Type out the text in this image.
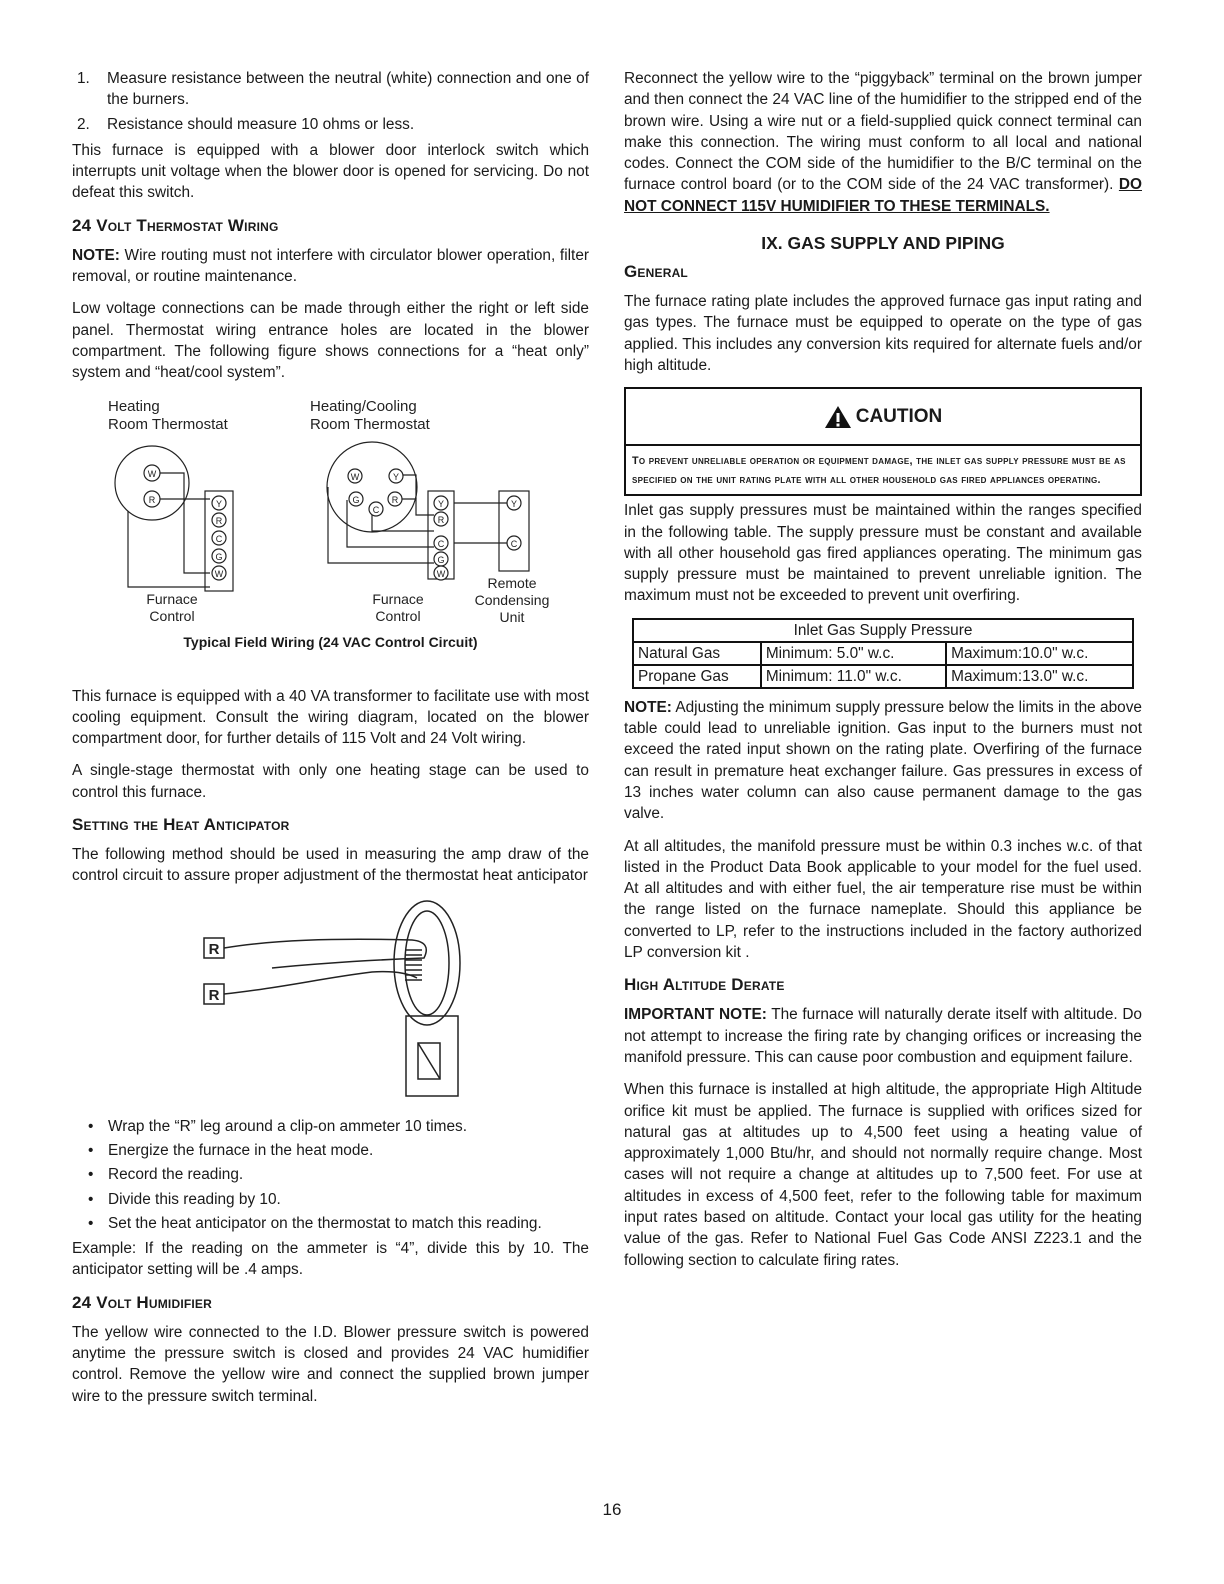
1.	Measure resistance between the neutral (white) connection and one of the burners.
2.	Resistance should measure 10 ohms or less.

This furnace is equipped with a blower door interlock switch which interrupts unit voltage when the blower door is opened for servicing. Do not defeat this switch.

24 Volt Thermostat Wiring

NOTE: Wire routing must not interfere with circulator blower operation, filter removal, or routine maintenance.

Low voltage connections can be made through either the right or left side panel. Thermostat wiring entrance holes are located in the blower compartment. The following figure shows connections for a “heat only” system and “heat/cool system”.

Heating
Room Thermostat
Heating/Cooling
Room Thermostat
W
R	Y
R
C
G
W
W	Y
G
C
R	Y
R
C
G
W
Y
C
Remote
Condensing
Unit
Furnace
Control
Furnace
Control
Typical Field Wiring (24 VAC Control Circuit)

This furnace is equipped with a 40 VA transformer to facilitate use with most cooling equipment. Consult the wiring diagram, located on the blower compartment door, for further details of 115 Volt and 24 Volt wiring.

A single-stage thermostat with only one heating stage can be used to control this furnace.

Setting the Heat Anticipator

The following method should be used in measuring the amp draw of the control circuit to assure proper adjustment of the thermostat heat anticipator

R
R
• Wrap the “R” leg around a clip-on ammeter 10 times.
• Energize the furnace in the heat mode.
• Record the reading.
• Divide this reading by 10.
• Set the heat anticipator on the thermostat to match this reading.

Example: If the reading on the ammeter is “4”, divide this by 10. The anticipator setting will be .4 amps.

24 Volt Humidifier

The yellow wire connected to the I.D. Blower pressure switch is powered anytime the pressure switch is closed and provides 24 VAC humidifier control. Remove the yellow wire and connect the supplied brown jumper wire to the pressure switch terminal.

Reconnect the yellow wire to the “piggyback” terminal on the brown jumper and then connect the 24 VAC line of the humidifier to the stripped end of the brown wire. Using a wire nut or a field-supplied quick connect terminal can make this connection. The wiring must conform to all local and national codes. Connect the COM side of the humidifier to the B/C terminal on the furnace control board (or to the COM side of the 24 VAC transformer). DO NOT CONNECT 115V HUMIDIFIER TO THESE TERMINALS.

IX. GAS SUPPLY AND PIPING
General

The furnace rating plate includes the approved furnace gas input rating and gas types. The furnace must be equipped to operate on the type of gas applied. This includes any conversion kits required for alternate fuels and/or high altitude.

CAUTION
To prevent unreliable operation or equipment damage, the inlet gas supply pressure must be as specified on the unit rating plate with all other household gas fired appliances operating.

Inlet gas supply pressures must be maintained within the ranges specified in the following table. The supply pressure must be constant and available with all other household gas fired appliances operating. The minimum gas supply pressure must be maintained to prevent unreliable ignition. The maximum must not be exceeded to prevent unit overfiring.

Inlet Gas Supply Pressure		
Natural Gas	Minimum: 5.0" w.c.	Maximum:10.0" w.c.
Propane Gas	Minimum: 11.0" w.c.	Maximum:13.0" w.c.

NOTE: Adjusting the minimum supply pressure below the limits in the above table could lead to unreliable ignition. Gas input to the burners must not exceed the rated input shown on the rating plate. Overfiring of the furnace can result in premature heat exchanger failure. Gas pressures in excess of 13 inches water column can also cause permanent damage to the gas valve.

At all altitudes, the manifold pressure must be within 0.3 inches w.c. of that listed in the Product Data Book applicable to your model for the fuel used. At all altitudes and with either fuel, the air temperature rise must be within the range listed on the furnace nameplate. Should this appliance be converted to LP, refer to the instructions included in the factory authorized LP conversion kit .

High Altitude Derate

IMPORTANT NOTE: The furnace will naturally derate itself with altitude. Do not attempt to increase the firing rate by changing orifices or increasing the manifold pressure. This can cause poor combustion and equipment failure.

When this furnace is installed at high altitude, the appropriate High Altitude orifice kit must be applied. The furnace is supplied with orifices sized for natural gas at altitudes up to 4,500 feet using a heating value of approximately 1,000 Btu/hr, and should not normally require change. Most cases will not require a change at altitudes up to 7,500 feet. For use at altitudes in excess of 4,500 feet, refer to the following table for maximum input rates based on altitude. Contact your local gas utility for the heating value of the gas. Refer to National Fuel Gas Code ANSI Z223.1 and the following section to calculate firing rates.

16
